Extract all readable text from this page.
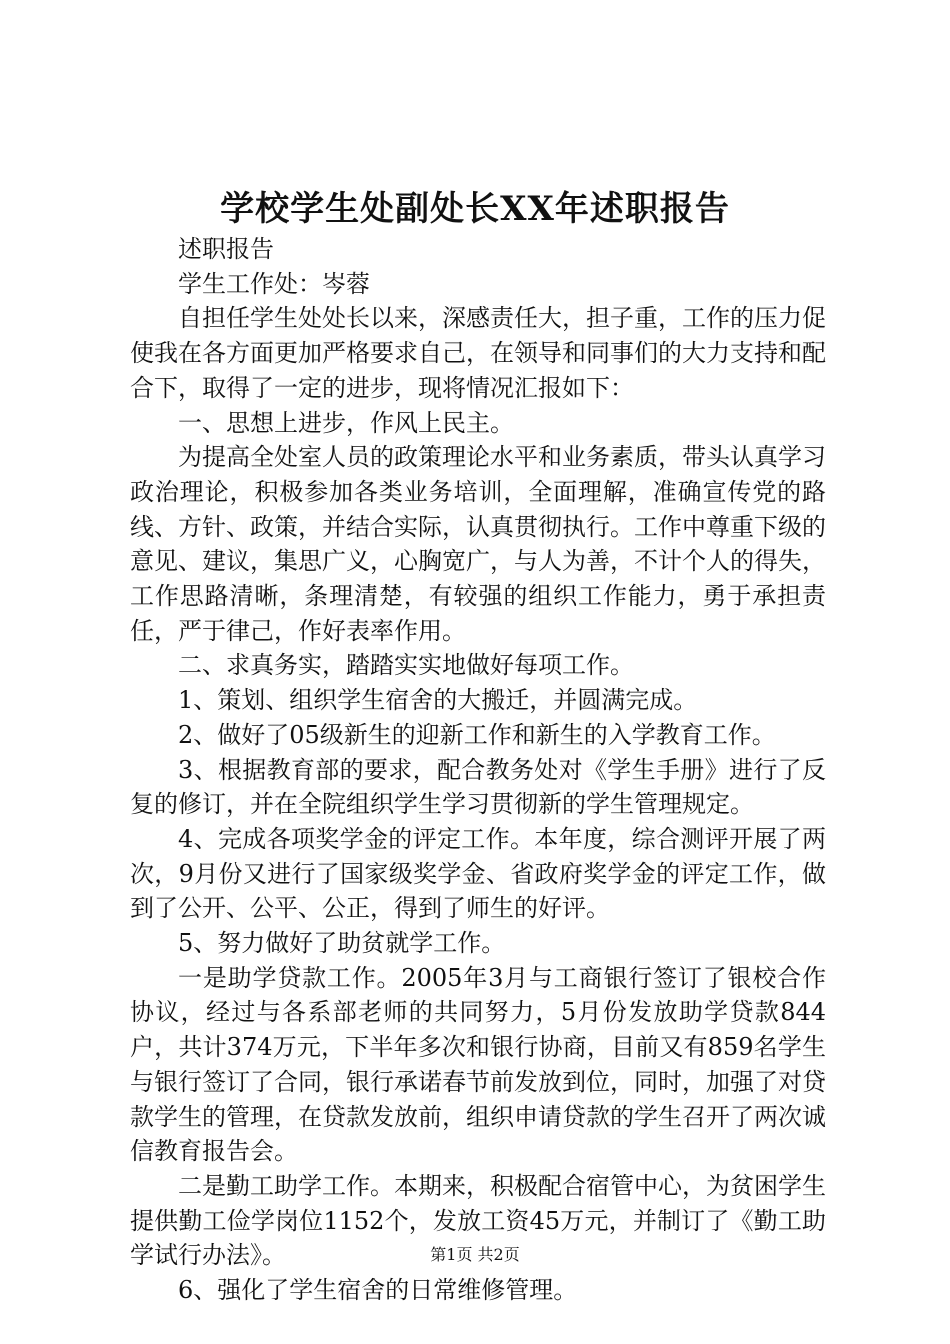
学校学生处副处长XX年述职报告

述职报告

学生工作处：岑蓉

自担任学生处处长以来，深感责任大，担子重，工作的压力促使我在各方面更加严格要求自己，在领导和同事们的大力支持和配合下，取得了一定的进步，现将情况汇报如下：

一、思想上进步，作风上民主。

为提高全处室人员的政策理论水平和业务素质，带头认真学习政治理论，积极参加各类业务培训，全面理解，准确宣传党的路线、方针、政策，并结合实际，认真贯彻执行。工作中尊重下级的意见、建议，集思广义，心胸宽广，与人为善，不计个人的得失，工作思路清晰，条理清楚，有较强的组织工作能力，勇于承担责任，严于律己，作好表率作用。

二、求真务实，踏踏实实地做好每项工作。

1、策划、组织学生宿舍的大搬迁，并圆满完成。

2、做好了05级新生的迎新工作和新生的入学教育工作。

3、根据教育部的要求，配合教务处对《学生手册》进行了反复的修订，并在全院组织学生学习贯彻新的学生管理规定。

4、完成各项奖学金的评定工作。本年度，综合测评开展了两次，9月份又进行了国家级奖学金、省政府奖学金的评定工作，做到了公开、公平、公正，得到了师生的好评。

5、努力做好了助贫就学工作。

一是助学贷款工作。2005年3月与工商银行签订了银校合作协议，经过与各系部老师的共同努力，5月份发放助学贷款844户，共计374万元，下半年多次和银行协商，目前又有859名学生与银行签订了合同，银行承诺春节前发放到位，同时，加强了对贷款学生的管理，在贷款发放前，组织申请贷款的学生召开了两次诚信教育报告会。

二是勤工助学工作。本期来，积极配合宿管中心，为贫困学生提供勤工俭学岗位1152个，发放工资45万元，并制订了《勤工助学试行办法》。

6、强化了学生宿舍的日常维修管理。

第1页 共2页
